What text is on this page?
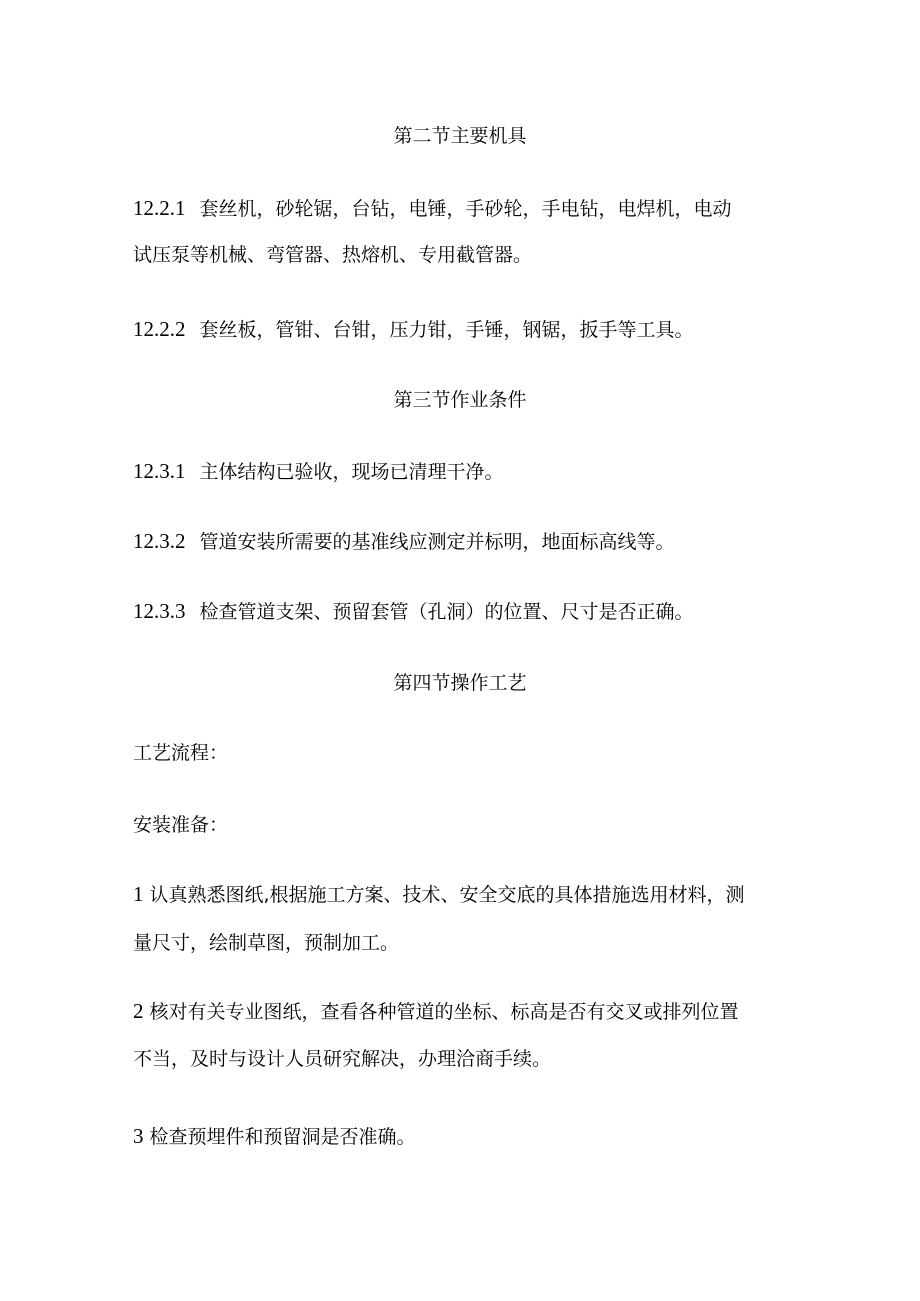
第二节主要机具
12.2.1 套丝机，砂轮锯，台钻，电锤，手砂轮，手电钻，电焊机，电动
试压泵等机械、弯管器、热熔机、专用截管器。
12.2.2 套丝板，管钳、台钳，压力钳，手锤，钢锯，扳手等工具。
第三节作业条件
12.3.1 主体结构已验收，现场已清理干净。
12.3.2 管道安装所需要的基准线应测定并标明，地面标高线等。
12.3.3 检查管道支架、预留套管（孔洞）的位置、尺寸是否正确。
第四节操作工艺
工艺流程：
安装准备：
1 认真熟悉图纸,根据施工方案、技术、安全交底的具体措施选用材料，测
量尺寸，绘制草图，预制加工。
2 核对有关专业图纸，查看各种管道的坐标、标高是否有交叉或排列位置
不当，及时与设计人员研究解决，办理洽商手续。
3 检查预埋件和预留洞是否准确。
